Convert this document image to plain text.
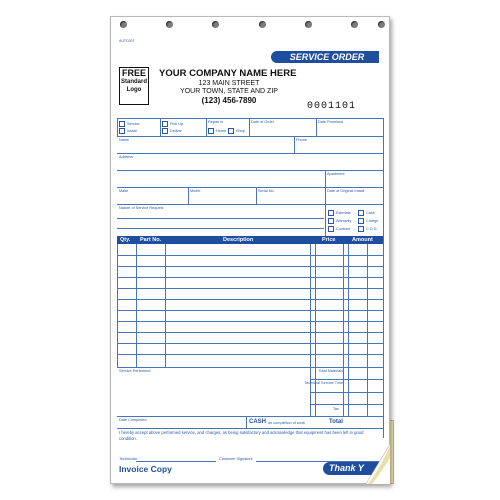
AUTO307
SERVICE ORDER
FREE
Standard
Logo
YOUR COMPANY NAME HERE
123 MAIN STREET
YOUR TOWN, STATE AND ZIP
(123) 456-7890
0001101
Service
Install
Pick Up
Deliver
Repair in
Home	Shop
Date of Order	Date Promised
Name	Phone
Address
Apartment
Make	Model	Serial No.	Date of Original Install
Nature of Service Request
Estimate
Warranty
Contract
Cash
Charge
C.O.D.
Qty. Part No.	Description	Price	Amount
Service Performed	Total Materials
Technical Service Time
Tax
Date Completed	CASH on completion of work	Total
I hereby accept above performed service, and charges, as being satisfactory and acknowledge that equipment has been left in good condition.
Technician	Customer Signature
Invoice Copy	Thank Y
